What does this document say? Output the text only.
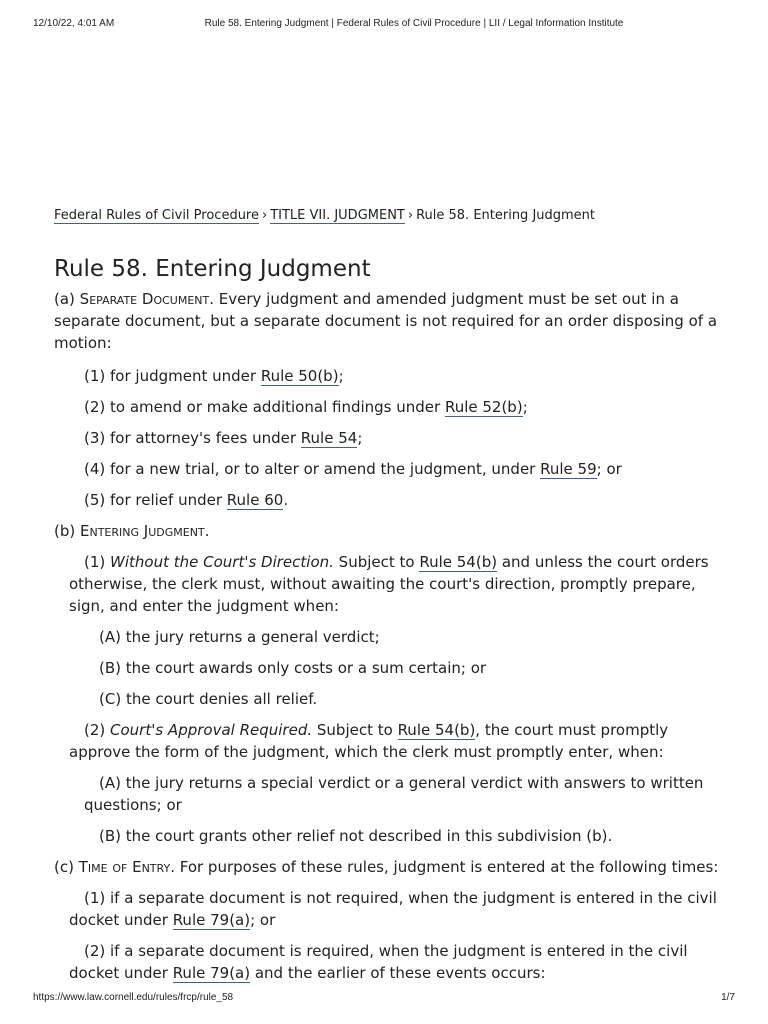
12/10/22, 4:01 AM	Rule 58. Entering Judgment | Federal Rules of Civil Procedure | LII / Legal Information Institute
Federal Rules of Civil Procedure › TITLE VII. JUDGMENT › Rule 58. Entering Judgment
Rule 58. Entering Judgment

(a) Separate Document. Every judgment and amended judgment must be set out in a separate document, but a separate document is not required for an order disposing of a motion:

(1) for judgment under Rule 50(b);

(2) to amend or make additional findings under Rule 52(b);

(3) for attorney's fees under Rule 54;

(4) for a new trial, or to alter or amend the judgment, under Rule 59; or

(5) for relief under Rule 60.

(b) Entering Judgment.

(1) Without the Court's Direction. Subject to Rule 54(b) and unless the court orders otherwise, the clerk must, without awaiting the court's direction, promptly prepare, sign, and enter the judgment when:

(A) the jury returns a general verdict;

(B) the court awards only costs or a sum certain; or

(C) the court denies all relief.

(2) Court's Approval Required. Subject to Rule 54(b), the court must promptly approve the form of the judgment, which the clerk must promptly enter, when:

(A) the jury returns a special verdict or a general verdict with answers to written questions; or

(B) the court grants other relief not described in this subdivision (b).

(c) Time of Entry. For purposes of these rules, judgment is entered at the following times:

(1) if a separate document is not required, when the judgment is entered in the civil docket under Rule 79(a); or

(2) if a separate document is required, when the judgment is entered in the civil docket under Rule 79(a) and the earlier of these events occurs:

https://www.law.cornell.edu/rules/frcp/rule_58	1/7
